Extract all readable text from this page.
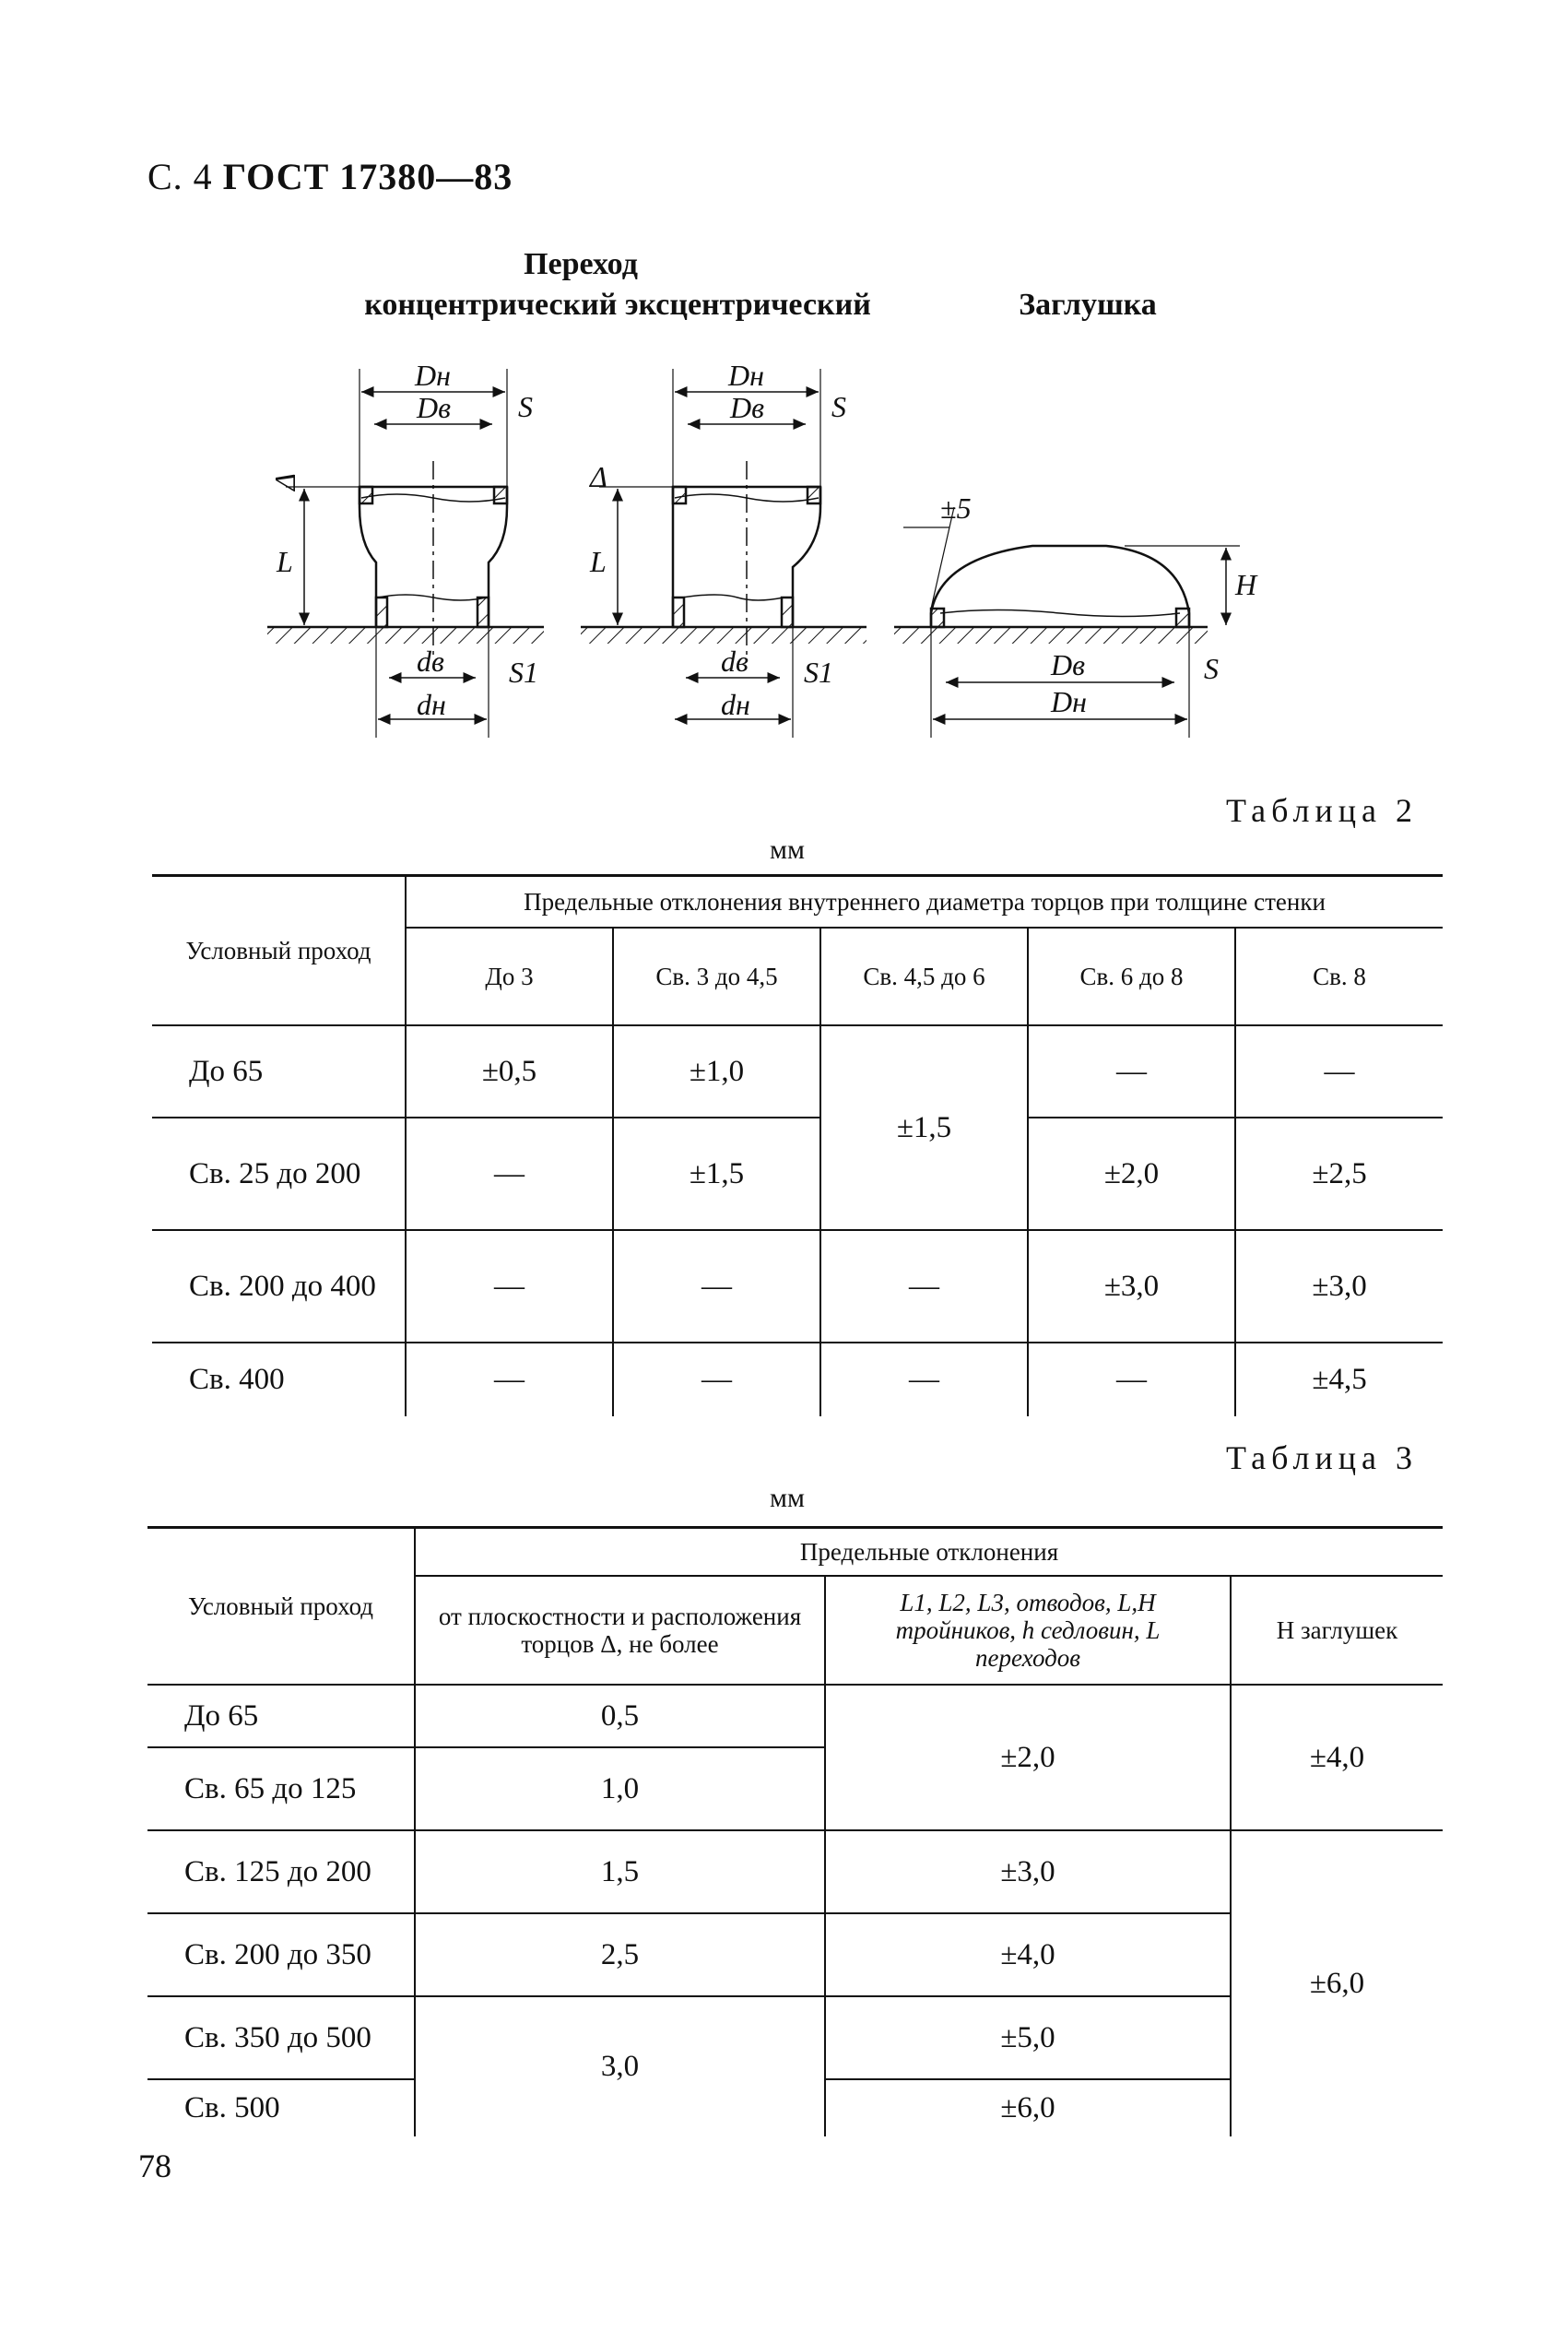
С. 4 ГОСТ 17380—83
Переход
концентрический эксцентрический	Заглушка
Dн
Dв S
Δ
L
dв S1
dн
Dн
Dв S
Δ
L
dв S1
dн
±5
H
Dв	S
Dн
Таблица 2
мм
Условный проход	Предельные отклонения внутреннего диаметра торцов при толщине стенки				
	До 3	Св. 3 до 4,5	Св. 4,5 до 6	Св. 6 до 8	Св. 8
До 65	±0,5	±1,0	±1,5	—	—
Св. 25 до 200	—	±1,5		±2,0	±2,5
Св. 200 до 400	—	—	—	±3,0	±3,0
Св. 400	—	—	—	—	±4,5
Таблица 3
мм
Условный проход	Предельные отклонения		
	от плоскостности и расположения торцов Δ, не более	L1, L2, L3, отводов, L,H тройников, h седловин, L переходов	H заглушек
До 65	0,5	±2,0	±4,0
Св. 65 до 125	1,0		
Св. 125 до 200	1,5	±3,0	±6,0
Св. 200 до 350	2,5	±4,0	
Св. 350 до 500	3,0	±5,0	
Св. 500		±6,0	
78
